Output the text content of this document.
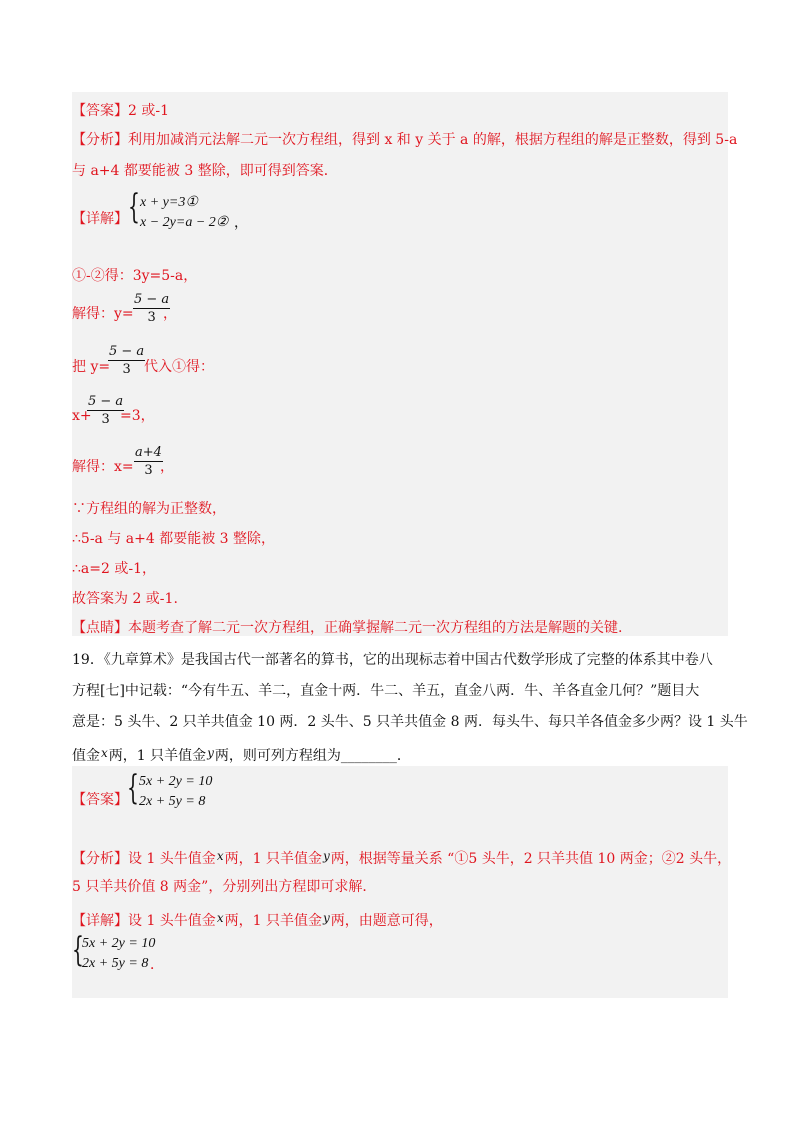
【答案】2 或-1
【分析】利用加减消元法解二元一次方程组，得到 x 和 y 关于 a 的解，根据方程组的解是正整数，得到 5-a
与 a+4 都要能被 3 整除，即可得到答案．
【详解】 { x + y=3①
x − 2y=a − 2② ，
①-②得：3y=5-a，
解得：y=
5 − a
3 ，
把 y=
5 − a
3 代入①得：
x+
5 − a
3 =3，
解得：x=
a+4
3 ，
∵方程组的解为正整数，
∴5-a 与 a+4 都要能被 3 整除，
∴a=2 或-1，
故答案为 2 或-1.
【点睛】本题考查了解二元一次方程组，正确掌握解二元一次方程组的方法是解题的关键.
19．《九章算术》是我国古代一部著名的算书，它的出现标志着中国古代数学形成了完整的体系其中卷八
方程[七]中记载：“今有牛五、羊二，直金十两．牛二、羊五，直金八两．牛、羊各直金几何？”题目大
意是：5 头牛、2 只羊共值金 10 两．2 头牛、5 只羊共值金 8 两．每头牛、每只羊各值金多少两？设 1 头牛
值金x两，1 只羊值金y两，则可列方程组为________．
【答案】 { 5x + 2y = 10
2x + 5y = 8
【分析】设 1 头牛值金x两，1 只羊值金y两，根据等量关系 “①5 头牛，2 只羊共值 10 两金；②2 头牛，
5 只羊共价值 8 两金”，分别列出方程即可求解．
【详解】设 1 头牛值金x两，1 只羊值金y两，由题意可得，
{
5x + 2y = 10
2x + 5y = 8 ．
